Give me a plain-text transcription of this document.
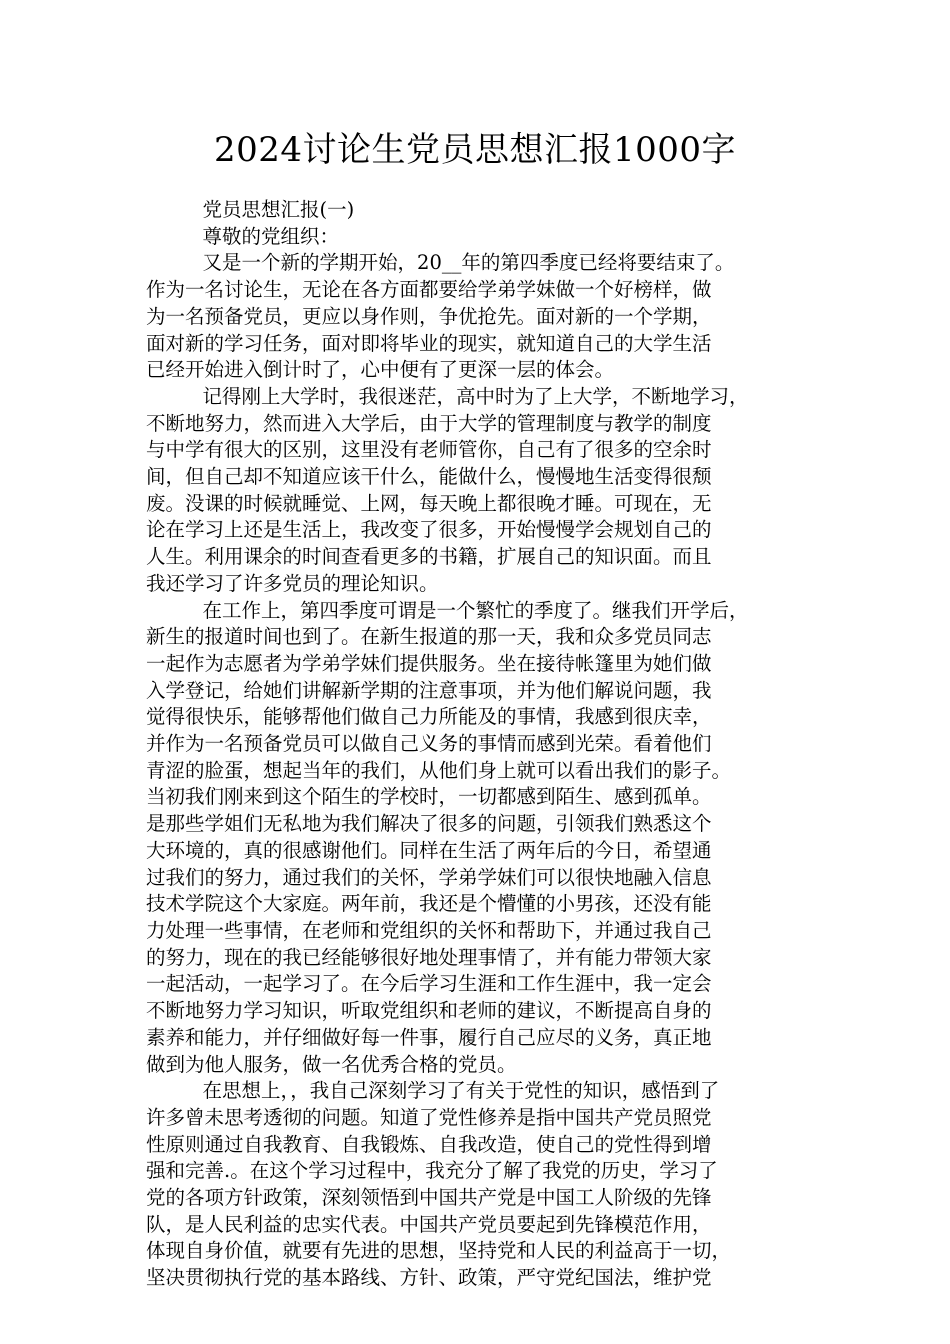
2024讨论生党员思想汇报1000字

党员思想汇报(一)

尊敬的党组织：

又是一个新的学期开始，20__年的第四季度已经将要结束了。
作为一名讨论生，无论在各方面都要给学弟学妹做一个好榜样，做
为一名预备党员，更应以身作则，争优抢先。面对新的一个学期，
面对新的学习任务，面对即将毕业的现实，就知道自己的大学生活
已经开始进入倒计时了，心中便有了更深一层的体会。

记得刚上大学时，我很迷茫，高中时为了上大学，不断地学习，
不断地努力，然而进入大学后，由于大学的管理制度与教学的制度
与中学有很大的区别，这里没有老师管你，自己有了很多的空余时
间，但自己却不知道应该干什么，能做什么，慢慢地生活变得很颓
废。没课的时候就睡觉、上网，每天晚上都很晚才睡。可现在，无
论在学习上还是生活上，我改变了很多，开始慢慢学会规划自己的
人生。利用课余的时间查看更多的书籍，扩展自己的知识面。而且
我还学习了许多党员的理论知识。

在工作上，第四季度可谓是一个繁忙的季度了。继我们开学后，
新生的报道时间也到了。在新生报道的那一天，我和众多党员同志
一起作为志愿者为学弟学妹们提供服务。坐在接待帐篷里为她们做
入学登记，给她们讲解新学期的注意事项，并为他们解说问题，我
觉得很快乐，能够帮他们做自己力所能及的事情，我感到很庆幸，
并作为一名预备党员可以做自己义务的事情而感到光荣。看着他们
青涩的脸蛋，想起当年的我们，从他们身上就可以看出我们的影子。
当初我们刚来到这个陌生的学校时，一切都感到陌生、感到孤单。
是那些学姐们无私地为我们解决了很多的问题，引领我们熟悉这个
大环境的，真的很感谢他们。同样在生活了两年后的今日，希望通
过我们的努力，通过我们的关怀，学弟学妹们可以很快地融入信息
技术学院这个大家庭。两年前，我还是个懵懂的小男孩，还没有能
力处理一些事情，在老师和党组织的关怀和帮助下，并通过我自己
的努力，现在的我已经能够很好地处理事情了，并有能力带领大家
一起活动，一起学习了。在今后学习生涯和工作生涯中，我一定会
不断地努力学习知识，听取党组织和老师的建议，不断提高自身的
素养和能力，并仔细做好每一件事，履行自己应尽的义务，真正地
做到为他人服务，做一名优秀合格的党员。

在思想上，，我自己深刻学习了有关于党性的知识，感悟到了
许多曾未思考透彻的问题。知道了党性修养是指中国共产党员照党
性原则通过自我教育、自我锻炼、自我改造，使自己的党性得到增
强和完善.。在这个学习过程中，我充分了解了我党的历史，学习了
党的各项方针政策，深刻领悟到中国共产党是中国工人阶级的先锋
队，是人民利益的忠实代表。中国共产党员要起到先锋模范作用，
体现自身价值，就要有先进的思想，坚持党和人民的利益高于一切，
坚决贯彻执行党的基本路线、方针、政策，严守党纪国法，维护党
